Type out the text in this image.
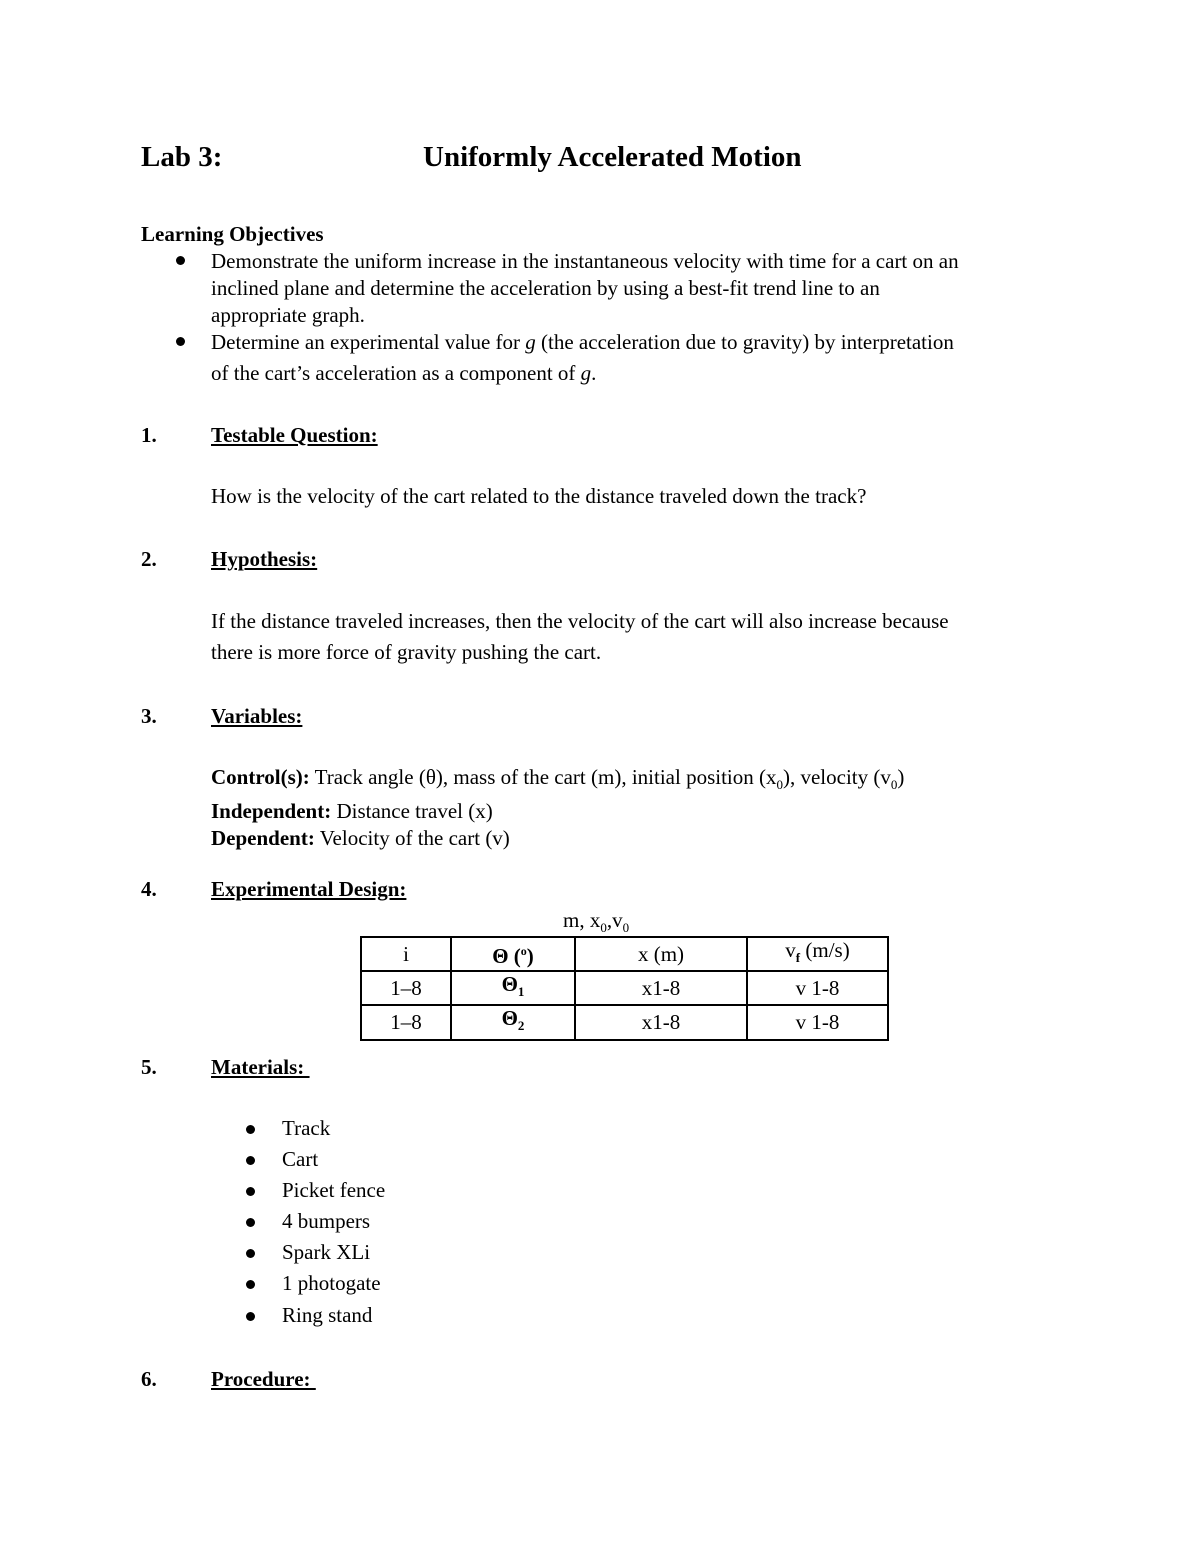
Lab 3:	Uniformly Accelerated Motion
Learning Objectives
Demonstrate the uniform increase in the instantaneous velocity with time for a cart on an
inclined plane and determine the acceleration by using a best-fit trend line to an
appropriate graph.
Determine an experimental value for g (the acceleration due to gravity) by interpretation
of the cart’s acceleration as a component of g.
1.	Testable Question:
How is the velocity of the cart related to the distance traveled down the track?
2.	Hypothesis:
If the distance traveled increases, then the velocity of the cart will also increase because
there is more force of gravity pushing the cart.
3.	Variables:
Control(s): Track angle (θ), mass of the cart (m), initial position $(x_0)$, velocity $(v_0)$
Independent: Distance travel (x)
Dependent: Velocity of the cart (v)
4.	Experimental Design:
m, $x_0,v_0$
i	Θ ($^o$)	x (m)	$v_f$ (m/s)
1–8	$\Theta_1$	x1-8	v 1-8
1–8	$\Theta_2$	x1-8	v 1-8
5.	Materials:
Track
Cart
Picket fence
4 bumpers
Spark XLi
1 photogate
Ring stand
6.	Procedure:
